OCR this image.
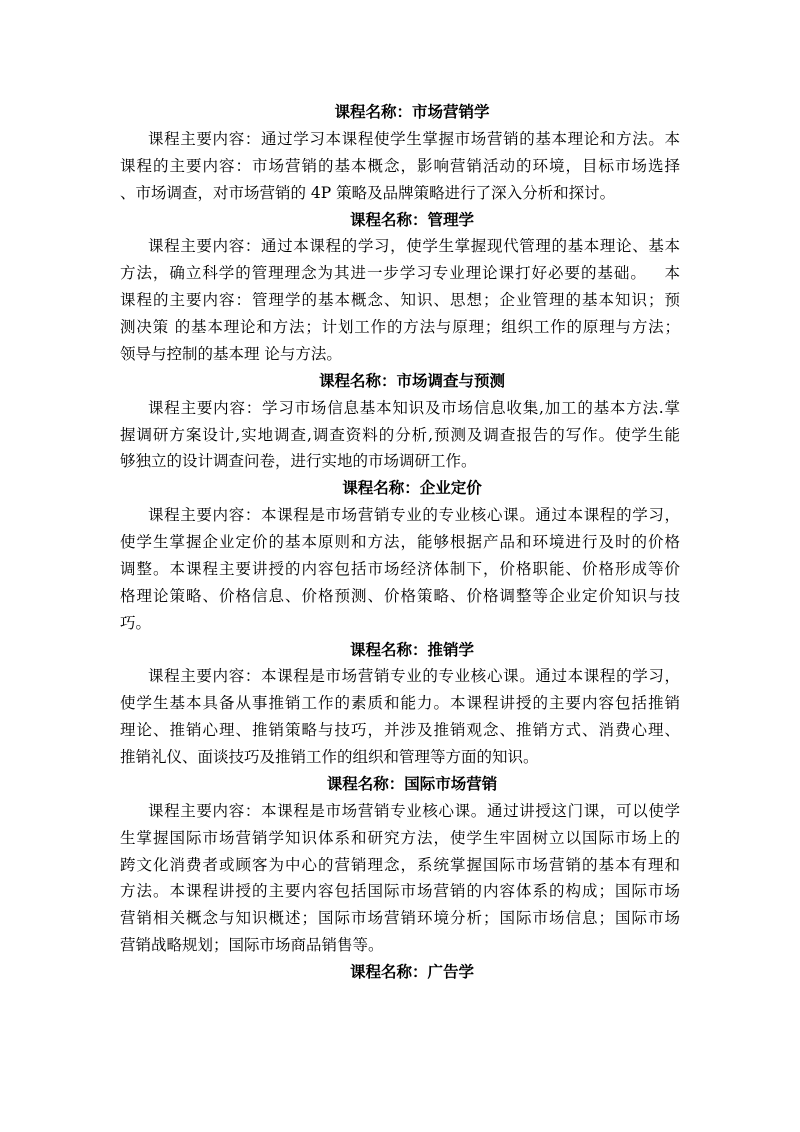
课程名称：市场营销学
课程主要内容：通过学习本课程使学生掌握市场营销的基本理论和方法。本
课程的主要内容：市场营销的基本概念，影响营销活动的环境，目标市场选择
、市场调查，对市场营销的 4P 策略及品牌策略进行了深入分析和探讨。
课程名称：管理学
课程主要内容：通过本课程的学习，使学生掌握现代管理的基本理论、基本
方法，确立科学的管理理念为其进一步学习专业理论课打好必要的基础。   本
课程的主要内容：管理学的基本概念、知识、思想；企业管理的基本知识；预
测决策 的基本理论和方法；计划工作的方法与原理；组织工作的原理与方法；
领导与控制的基本理 论与方法。
课程名称：市场调查与预测
课程主要内容：学习市场信息基本知识及市场信息收集,加工的基本方法.掌
握调研方案设计,实地调查,调查资料的分析,预测及调查报告的写作。使学生能
够独立的设计调查问卷，进行实地的市场调研工作。
课程名称：企业定价
课程主要内容：本课程是市场营销专业的专业核心课。通过本课程的学习，
使学生掌握企业定价的基本原则和方法，能够根据产品和环境进行及时的价格
调整。本课程主要讲授的内容包括市场经济体制下，价格职能、价格形成等价
格理论策略、价格信息、价格预测、价格策略、价格调整等企业定价知识与技
巧。
课程名称：推销学
课程主要内容：本课程是市场营销专业的专业核心课。通过本课程的学习，
使学生基本具备从事推销工作的素质和能力。本课程讲授的主要内容包括推销
理论、推销心理、推销策略与技巧，并涉及推销观念、推销方式、消费心理、
推销礼仪、面谈技巧及推销工作的组织和管理等方面的知识。
课程名称：国际市场营销
课程主要内容：本课程是市场营销专业核心课。通过讲授这门课，可以使学
生掌握国际市场营销学知识体系和研究方法，使学生牢固树立以国际市场上的
跨文化消费者或顾客为中心的营销理念，系统掌握国际市场营销的基本有理和
方法。本课程讲授的主要内容包括国际市场营销的内容体系的构成；国际市场
营销相关概念与知识概述；国际市场营销环境分析；国际市场信息；国际市场
营销战略规划；国际市场商品销售等。
课程名称：广告学
